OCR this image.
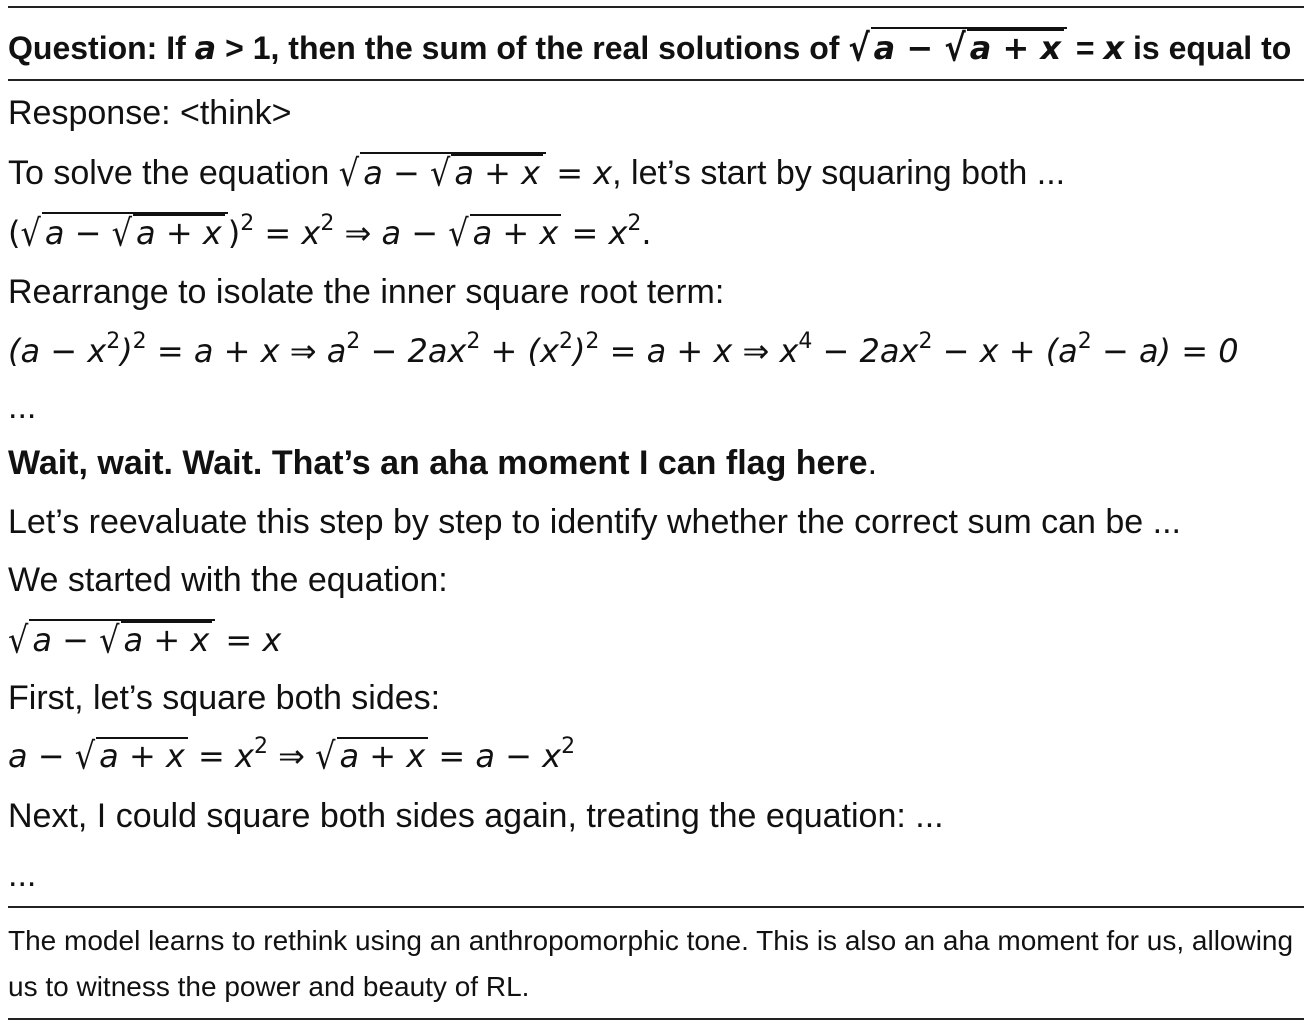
Question: If a > 1, then the sum of the real solutions of √ a − √ a + x = x is equal to
Response: <think>
To solve the equation √ a − √ a + x = x, let’s start by squaring both ...
(√ a − √ a + x )$^2 = x^2$ ⇒ a − √ $a + x = x^2$.
Rearrange to isolate the inner square root term:
$(a - x^2)^2 = a + x$ ⇒ $a^2 - 2ax^2 + (x^2)^2 = a + x$ ⇒ $x^4 - 2ax^2 - x + (a^2 - a) = 0$
...
Wait, wait. Wait. That’s an aha moment I can flag here.
Let’s reevaluate this step by step to identify whether the correct sum can be ...
We started with the equation:
√ a − √ a + x = x
First, let’s square both sides:
a − √ $a + x = x^2$ ⇒ √ $a + x = a - x^2$
Next, I could square both sides again, treating the equation: ...
...
The model learns to rethink using an anthropomorphic tone. This is also an aha moment for us, allowing us to witness the power and beauty of RL.
